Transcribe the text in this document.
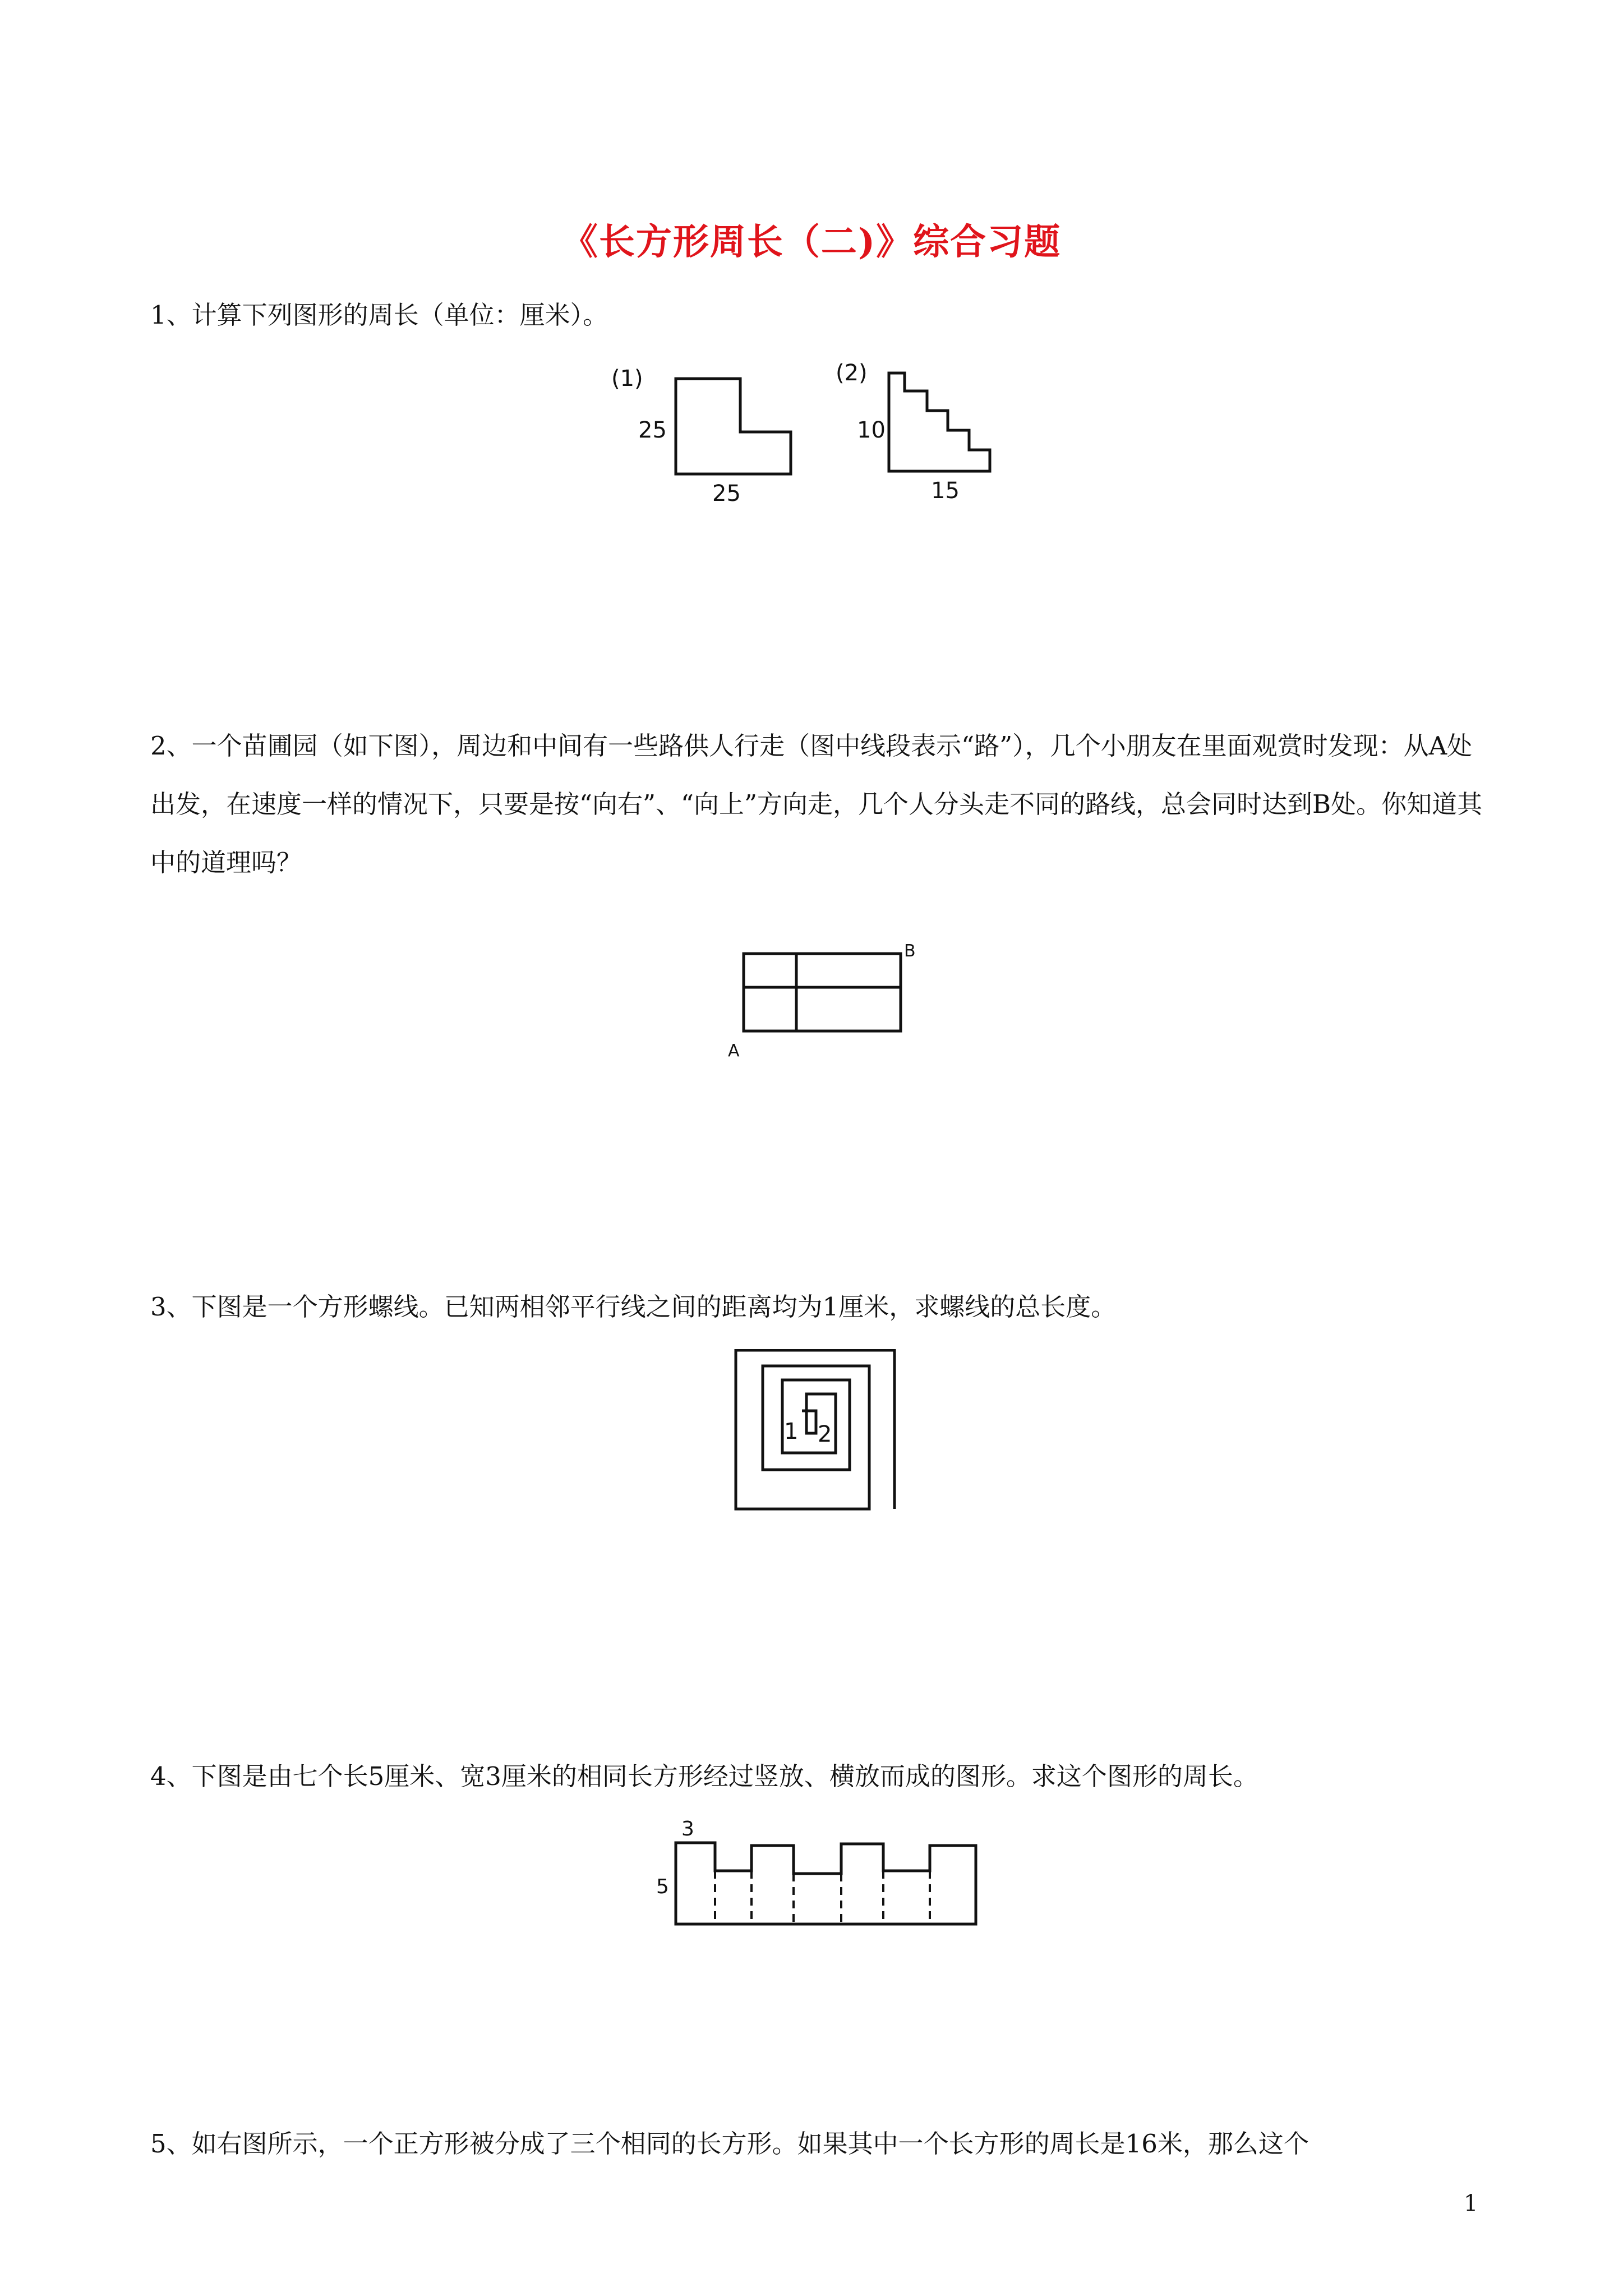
《长方形周长（二)》综合习题
1、计算下列图形的周长（单位：厘米）。
(1)
25
25
(2)
10
15
2、一个苗圃园（如下图），周边和中间有一些路供人行走（图中线段表示“路”），几个小朋友在里面观赏时发现：从A处出发，在速度一样的情况下，只要是按“向右”、“向上”方向走，几个人分头走不同的路线，总会同时达到B处。你知道其中的道理吗？
A
B
3、下图是一个方形螺线。已知两相邻平行线之间的距离均为1厘米，求螺线的总长度。
1 2
4、下图是由七个长5厘米、宽3厘米的相同长方形经过竖放、横放而成的图形。求这个图形的周长。
3
5
5、如右图所示，一个正方形被分成了三个相同的长方形。如果其中一个长方形的周长是16米，那么这个
1
